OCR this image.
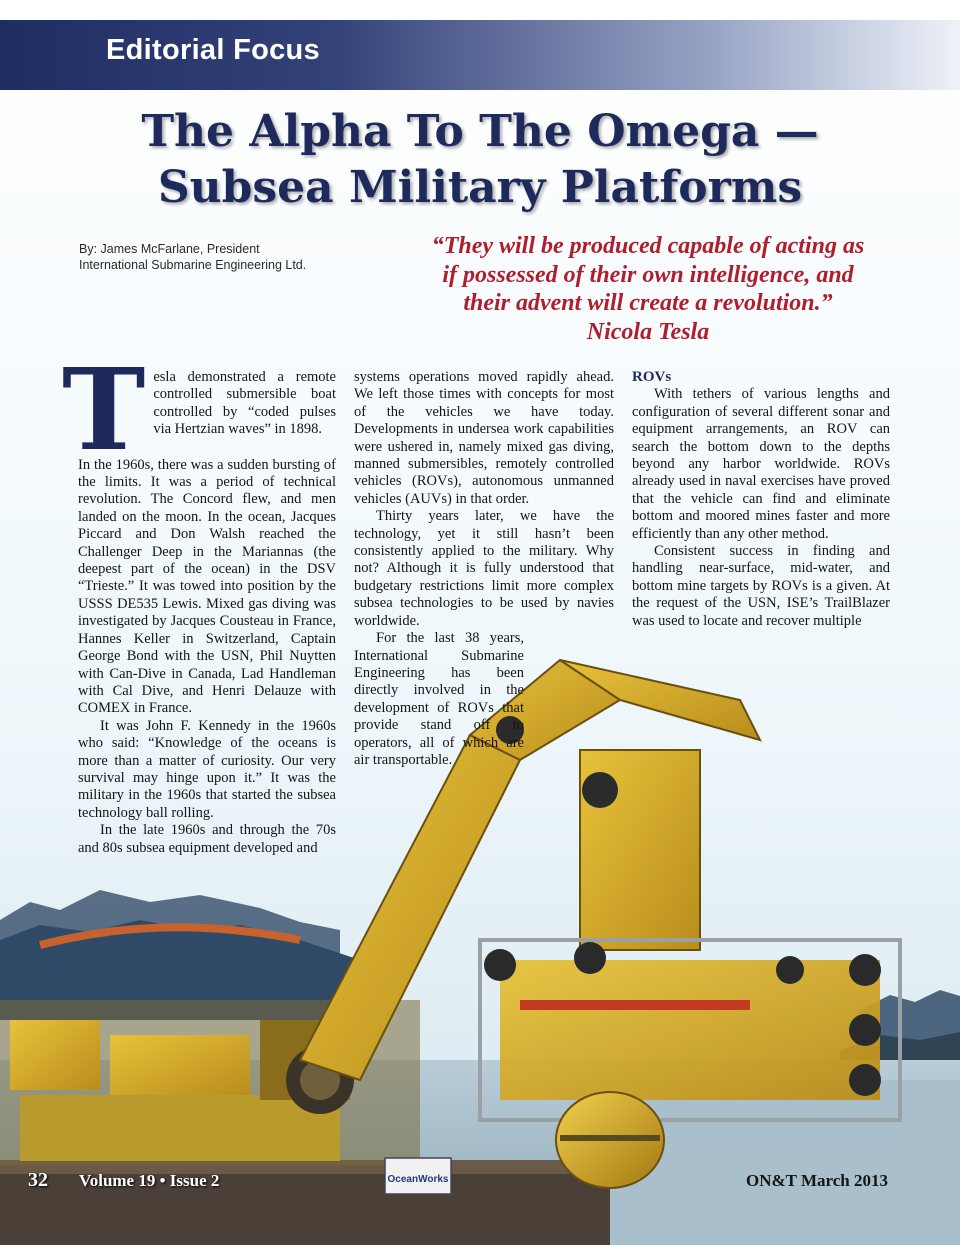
Editorial Focus
The Alpha To The Omega —
Subsea Military Platforms
By: James McFarlane, President
International Submarine Engineering Ltd.
“They will be produced capable of acting as
if possessed of their own intelligence, and
their advent will create a revolution.”
Nicola Tesla
OceanWorks
T esla demonstrated a remote controlled submersible boat controlled by “coded pulses via Hertzian waves” in 1898.

In the 1960s, there was a sudden bursting of the limits. It was a period of technical revolution. The Concord flew, and men landed on the moon. In the ocean, Jacques Piccard and Don Walsh reached the Challenger Deep in the Mariannas (the deepest part of the ocean) in the DSV “Trieste.” It was towed into position by the USSS DE535 Lewis. Mixed gas diving was investigated by Jacques Cousteau in France, Hannes Keller in Switzerland, Captain George Bond with the USN, Phil Nuytten with Can-Dive in Canada, Lad Handleman with Cal Dive, and Henri Delauze with COMEX in France.

It was John F. Kennedy in the 1960s who said: “Knowledge of the oceans is more than a matter of curiosity. Our very survival may hinge upon it.” It was the military in the 1960s that started the subsea technology ball rolling.

In the late 1960s and through the 70s and 80s subsea equipment developed and

systems operations moved rapidly ahead. We left those times with concepts for most of the vehicles we have today. Developments in undersea work capabilities were ushered in, namely mixed gas diving, manned submersibles, remotely controlled vehicles (ROVs), autonomous unmanned vehicles (AUVs) in that order.

Thirty years later, we have the technology, yet it still hasn’t been consistently applied to the military. Why not? Although it is fully understood that budgetary restrictions limit more complex subsea technologies to be used by navies worldwide.

For the last 38 years, International Submarine Engineering has been directly involved in the development of ROVs that provide stand off to operators, all of which are air transportable.

ROVs

With tethers of various lengths and configuration of several different sonar and equipment arrangements, an ROV can search the bottom down to the depths beyond any harbor worldwide. ROVs already used in naval exercises have proved that the vehicle can find and eliminate bottom and moored mines faster and more efficiently than any other method.

Consistent success in finding and handling near-surface, mid-water, and bottom mine targets by ROVs is a given. At the request of the USN, ISE’s TrailBlazer was used to locate and recover multiple

32 Volume 19 • Issue 2	ON&T March 2013
